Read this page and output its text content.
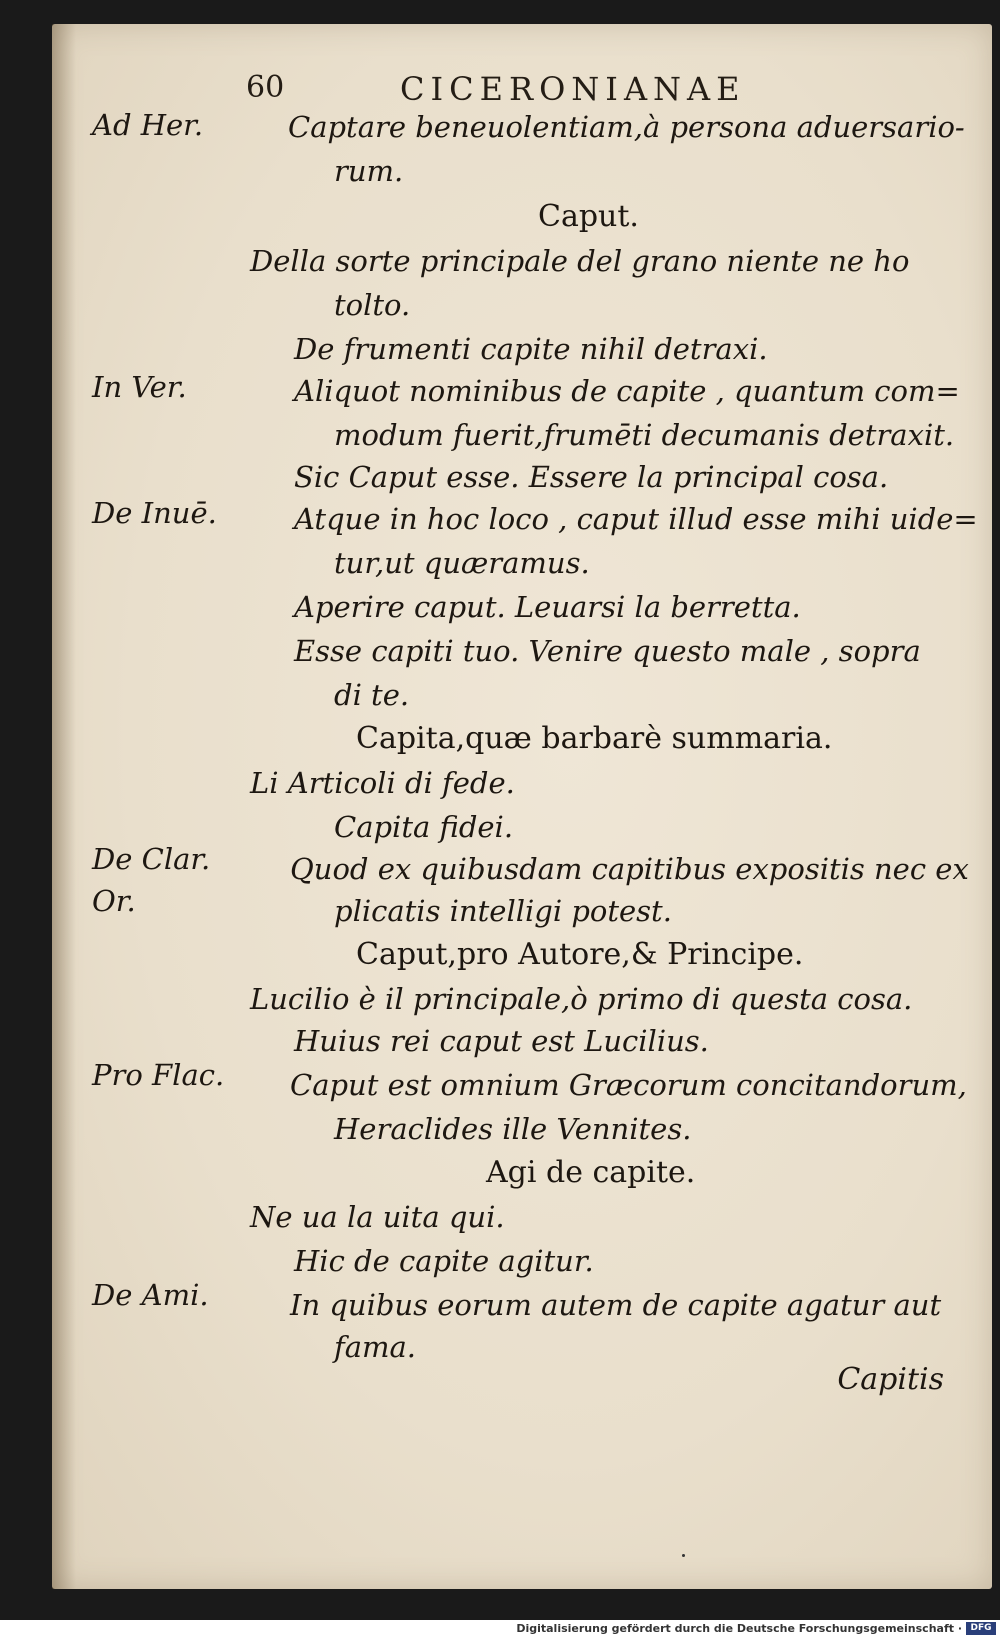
60	CICERONIANAE
Ad Her.
In Ver.
De Inuē.
De Clar.
Or.
Pro Flac.
De Ami.
Captare beneuolentiam,à persona aduersario-
rum.
Caput.
Della sorte principale del grano niente ne ho
tolto.
De frumenti capite nihil detraxi.
Aliquot nominibus de capite , quantum com=
modum fuerit,frumēti decumanis detraxit.
Sic Caput esse. Essere la principal cosa.
Atque in hoc loco , caput illud esse mihi uide=
tur,ut quæramus.
Aperire caput. Leuarsi la berretta.
Esse capiti tuo. Venire questo male , sopra
di te.
Capita,quæ barbarè summaria.
Li Articoli di fede.
Capita fidei.
Quod ex quibusdam capitibus expositis nec ex
plicatis intelligi potest.
Caput,pro Autore,& Principe.
Lucilio è il principale,ò primo di questa cosa.
Huius rei caput est Lucilius.
Caput est omnium Græcorum concitandorum,
Heraclides ille Vennites.
Agi de capite.
Ne ua la uita qui.
Hic de capite agitur.
In quibus eorum autem de capite agatur aut
fama.
Capitis
Digitalisierung gefördert durch die Deutsche Forschungsgemeinschaft · DFG
